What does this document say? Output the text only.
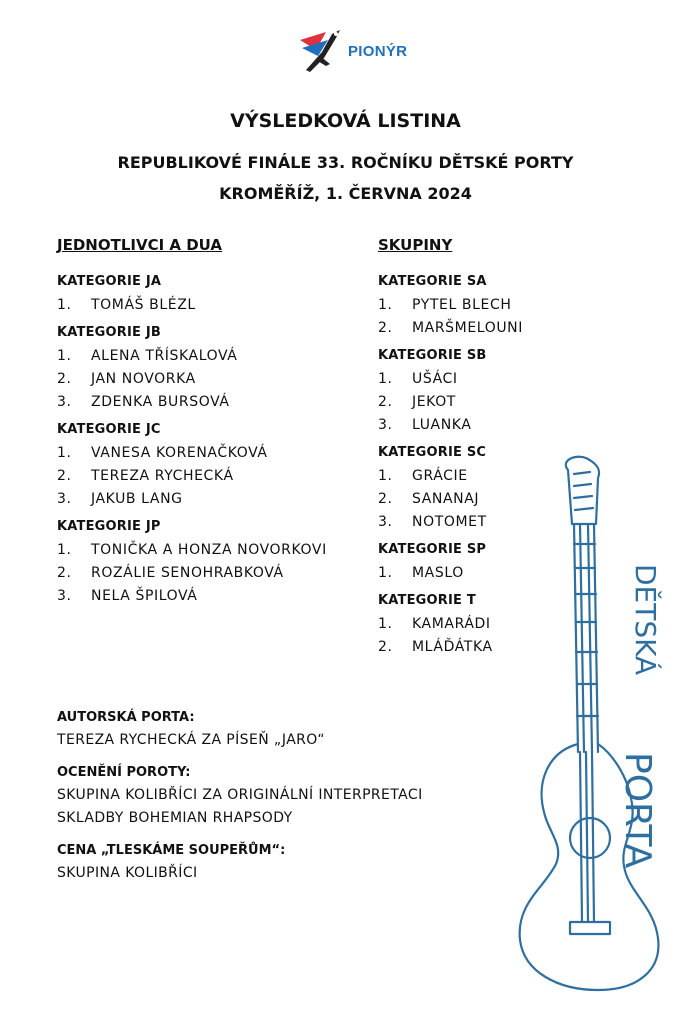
PIONÝR
VÝSLEDKOVÁ LISTINA
REPUBLIKOVÉ FINÁLE 33. ROČNÍKU DĚTSKÉ PORTY
KROMĚŘÍŽ, 1. ČERVNA 2024
JEDNOTLIVCI A DUA
KATEGORIE JA
1.	TOMÁŠ BLÉZL
KATEGORIE JB
1.	ALENA TŘÍSKALOVÁ
2.	JAN NOVORKA
3.	ZDENKA BURSOVÁ
KATEGORIE JC
1.	VANESA KORENAČKOVÁ
2.	TEREZA RYCHECKÁ
3.	JAKUB LANG
KATEGORIE JP
1.	TONIČKA A HONZA NOVORKOVI
2.	ROZÁLIE SENOHRABKOVÁ
3.	NELA ŠPILOVÁ
SKUPINY
KATEGORIE SA
1.	PYTEL BLECH
2.	MARŠMELOUNI
KATEGORIE SB
1.	UŠÁCI
2.	JEKOT
3.	LUANKA
KATEGORIE SC
1.	GRÁCIE
2.	SANANAJ
3.	NOTOMET
KATEGORIE SP
1.	MASLO
KATEGORIE T
1.	KAMARÁDI
2.	MLÁĎÁTKA
AUTORSKÁ PORTA:
TEREZA RYCHECKÁ ZA PÍSEŇ „JARO“
OCENĚNÍ POROTY:
SKUPINA KOLIBŘÍCI ZA ORIGINÁLNÍ INTERPRETACI
SKLADBY BOHEMIAN RHAPSODY
CENA „TLESKÁME SOUPEŘŮM“:
SKUPINA KOLIBŘÍCI
DĚTSKÁ
PORTA
